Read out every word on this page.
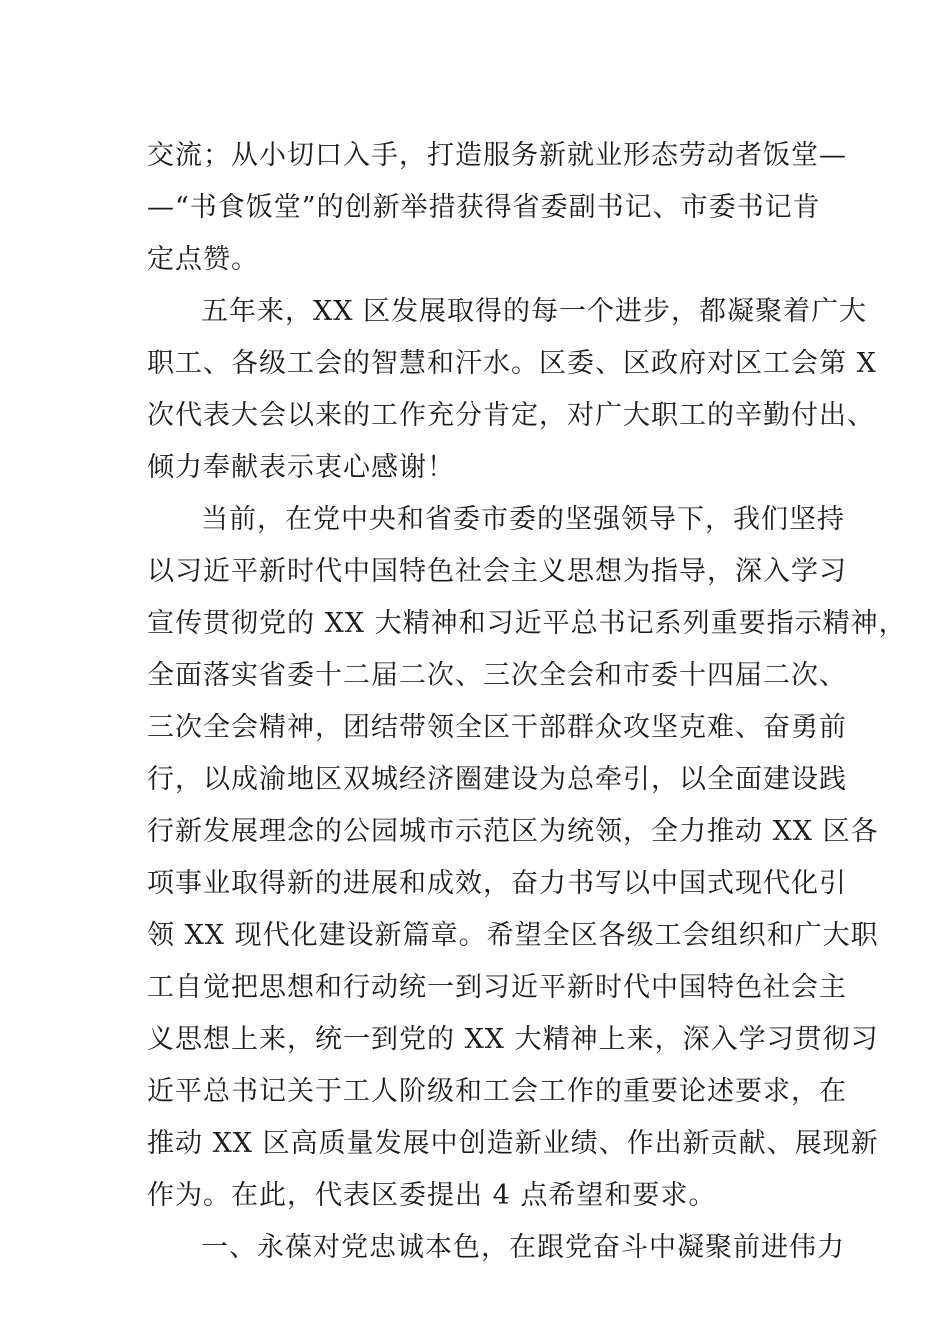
交流；从小切口入手，打造服务新就业形态劳动者饭堂—
—“书食饭堂”的创新举措获得省委副书记、市委书记肯
定点赞。
五年来，XX 区发展取得的每一个进步，都凝聚着广大
职工、各级工会的智慧和汗水。区委、区政府对区工会第 X
次代表大会以来的工作充分肯定，对广大职工的辛勤付出、
倾力奉献表示衷心感谢！
当前，在党中央和省委市委的坚强领导下，我们坚持
以习近平新时代中国特色社会主义思想为指导，深入学习
宣传贯彻党的 XX 大精神和习近平总书记系列重要指示精神，
全面落实省委十二届二次、三次全会和市委十四届二次、
三次全会精神，团结带领全区干部群众攻坚克难、奋勇前
行，以成渝地区双城经济圈建设为总牵引，以全面建设践
行新发展理念的公园城市示范区为统领，全力推动 XX 区各
项事业取得新的进展和成效，奋力书写以中国式现代化引
领 XX 现代化建设新篇章。希望全区各级工会组织和广大职
工自觉把思想和行动统一到习近平新时代中国特色社会主
义思想上来，统一到党的 XX 大精神上来，深入学习贯彻习
近平总书记关于工人阶级和工会工作的重要论述要求，在
推动 XX 区高质量发展中创造新业绩、作出新贡献、展现新
作为。在此，代表区委提出 4 点希望和要求。
一、永葆对党忠诚本色，在跟党奋斗中凝聚前进伟力
